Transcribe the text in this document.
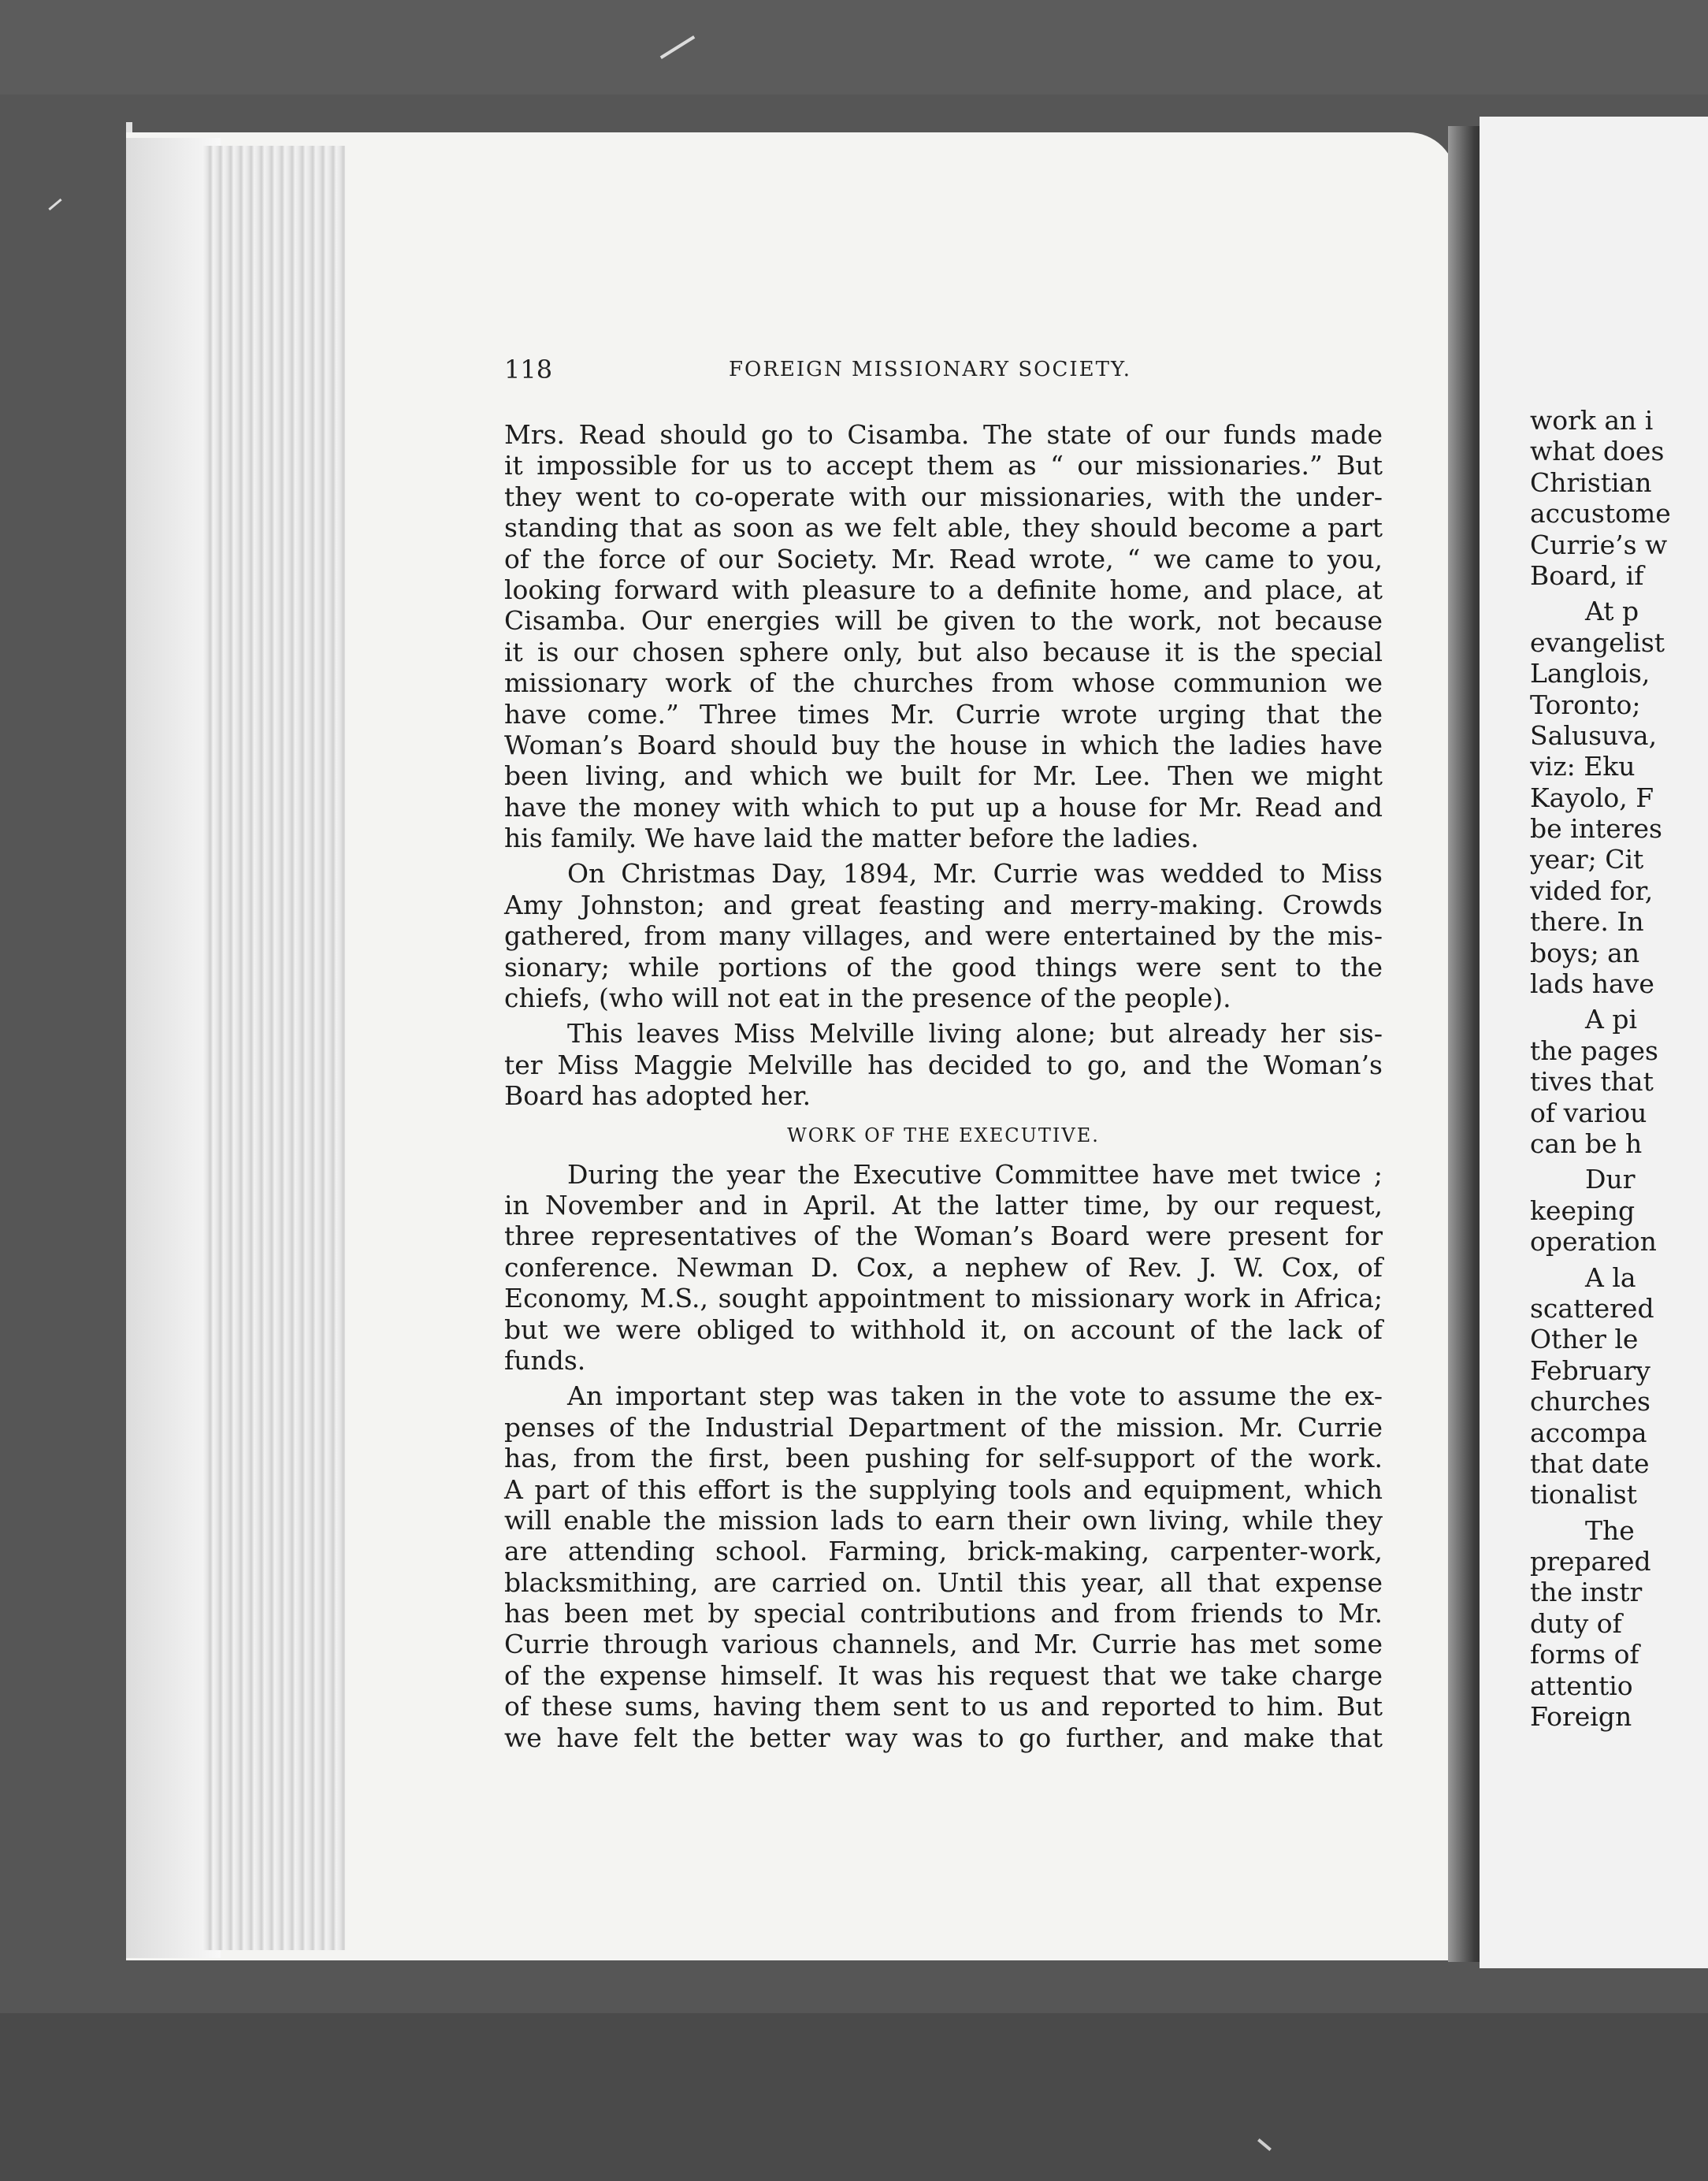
118	FOREIGN MISSIONARY SOCIETY.
Mrs. Read should go to Cisamba. The state of our funds made
it impossible for us to accept them as “ our missionaries.” But
they went to co-operate with our missionaries, with the under-
standing that as soon as we felt able, they should become a part
of the force of our Society. Mr. Read wrote, “ we came to you,
looking forward with pleasure to a definite home, and place, at
Cisamba. Our energies will be given to the work, not because
it is our chosen sphere only, but also because it is the special
missionary work of the churches from whose communion we
have come.” Three times Mr. Currie wrote urging that the
Woman’s Board should buy the house in which the ladies have
been living, and which we built for Mr. Lee. Then we might
have the money with which to put up a house for Mr. Read and
his family. We have laid the matter before the ladies.
On Christmas Day, 1894, Mr. Currie was wedded to Miss
Amy Johnston; and great feasting and merry-making. Crowds
gathered, from many villages, and were entertained by the mis-
sionary; while portions of the good things were sent to the
chiefs, (who will not eat in the presence of the people).
This leaves Miss Melville living alone; but already her sis-
ter Miss Maggie Melville has decided to go, and the Woman’s
Board has adopted her.
WORK OF THE EXECUTIVE.
During the year the Executive Committee have met twice ;
in November and in April. At the latter time, by our request,
three representatives of the Woman’s Board were present for
conference. Newman D. Cox, a nephew of Rev. J. W. Cox, of
Economy, M.S., sought appointment to missionary work in Africa;
but we were obliged to withhold it, on account of the lack of
funds.
An important step was taken in the vote to assume the ex-
penses of the Industrial Department of the mission. Mr. Currie
has, from the first, been pushing for self-support of the work.
A part of this effort is the supplying tools and equipment, which
will enable the mission lads to earn their own living, while they
are attending school. Farming, brick-making, carpenter-work,
blacksmithing, are carried on. Until this year, all that expense
has been met by special contributions and from friends to Mr.
Currie through various channels, and Mr. Currie has met some
of the expense himself. It was his request that we take charge
of these sums, having them sent to us and reported to him. But
we have felt the better way was to go further, and make that
work an i
what does
Christian
accustome
Currie’s w
Board, if
At p
evangelist
Langlois,
Toronto;
Salusuva,
viz: Eku
Kayolo, F
be interes
year; Cit
vided for,
there. In
boys; an
lads have
A pi
the pages
tives that
of variou
can be h
Dur
keeping
operation
A la
scattered
Other le
February
churches
accompa
that date
tionalist
The
prepared
the instr
duty of
forms of
attentio
Foreign
